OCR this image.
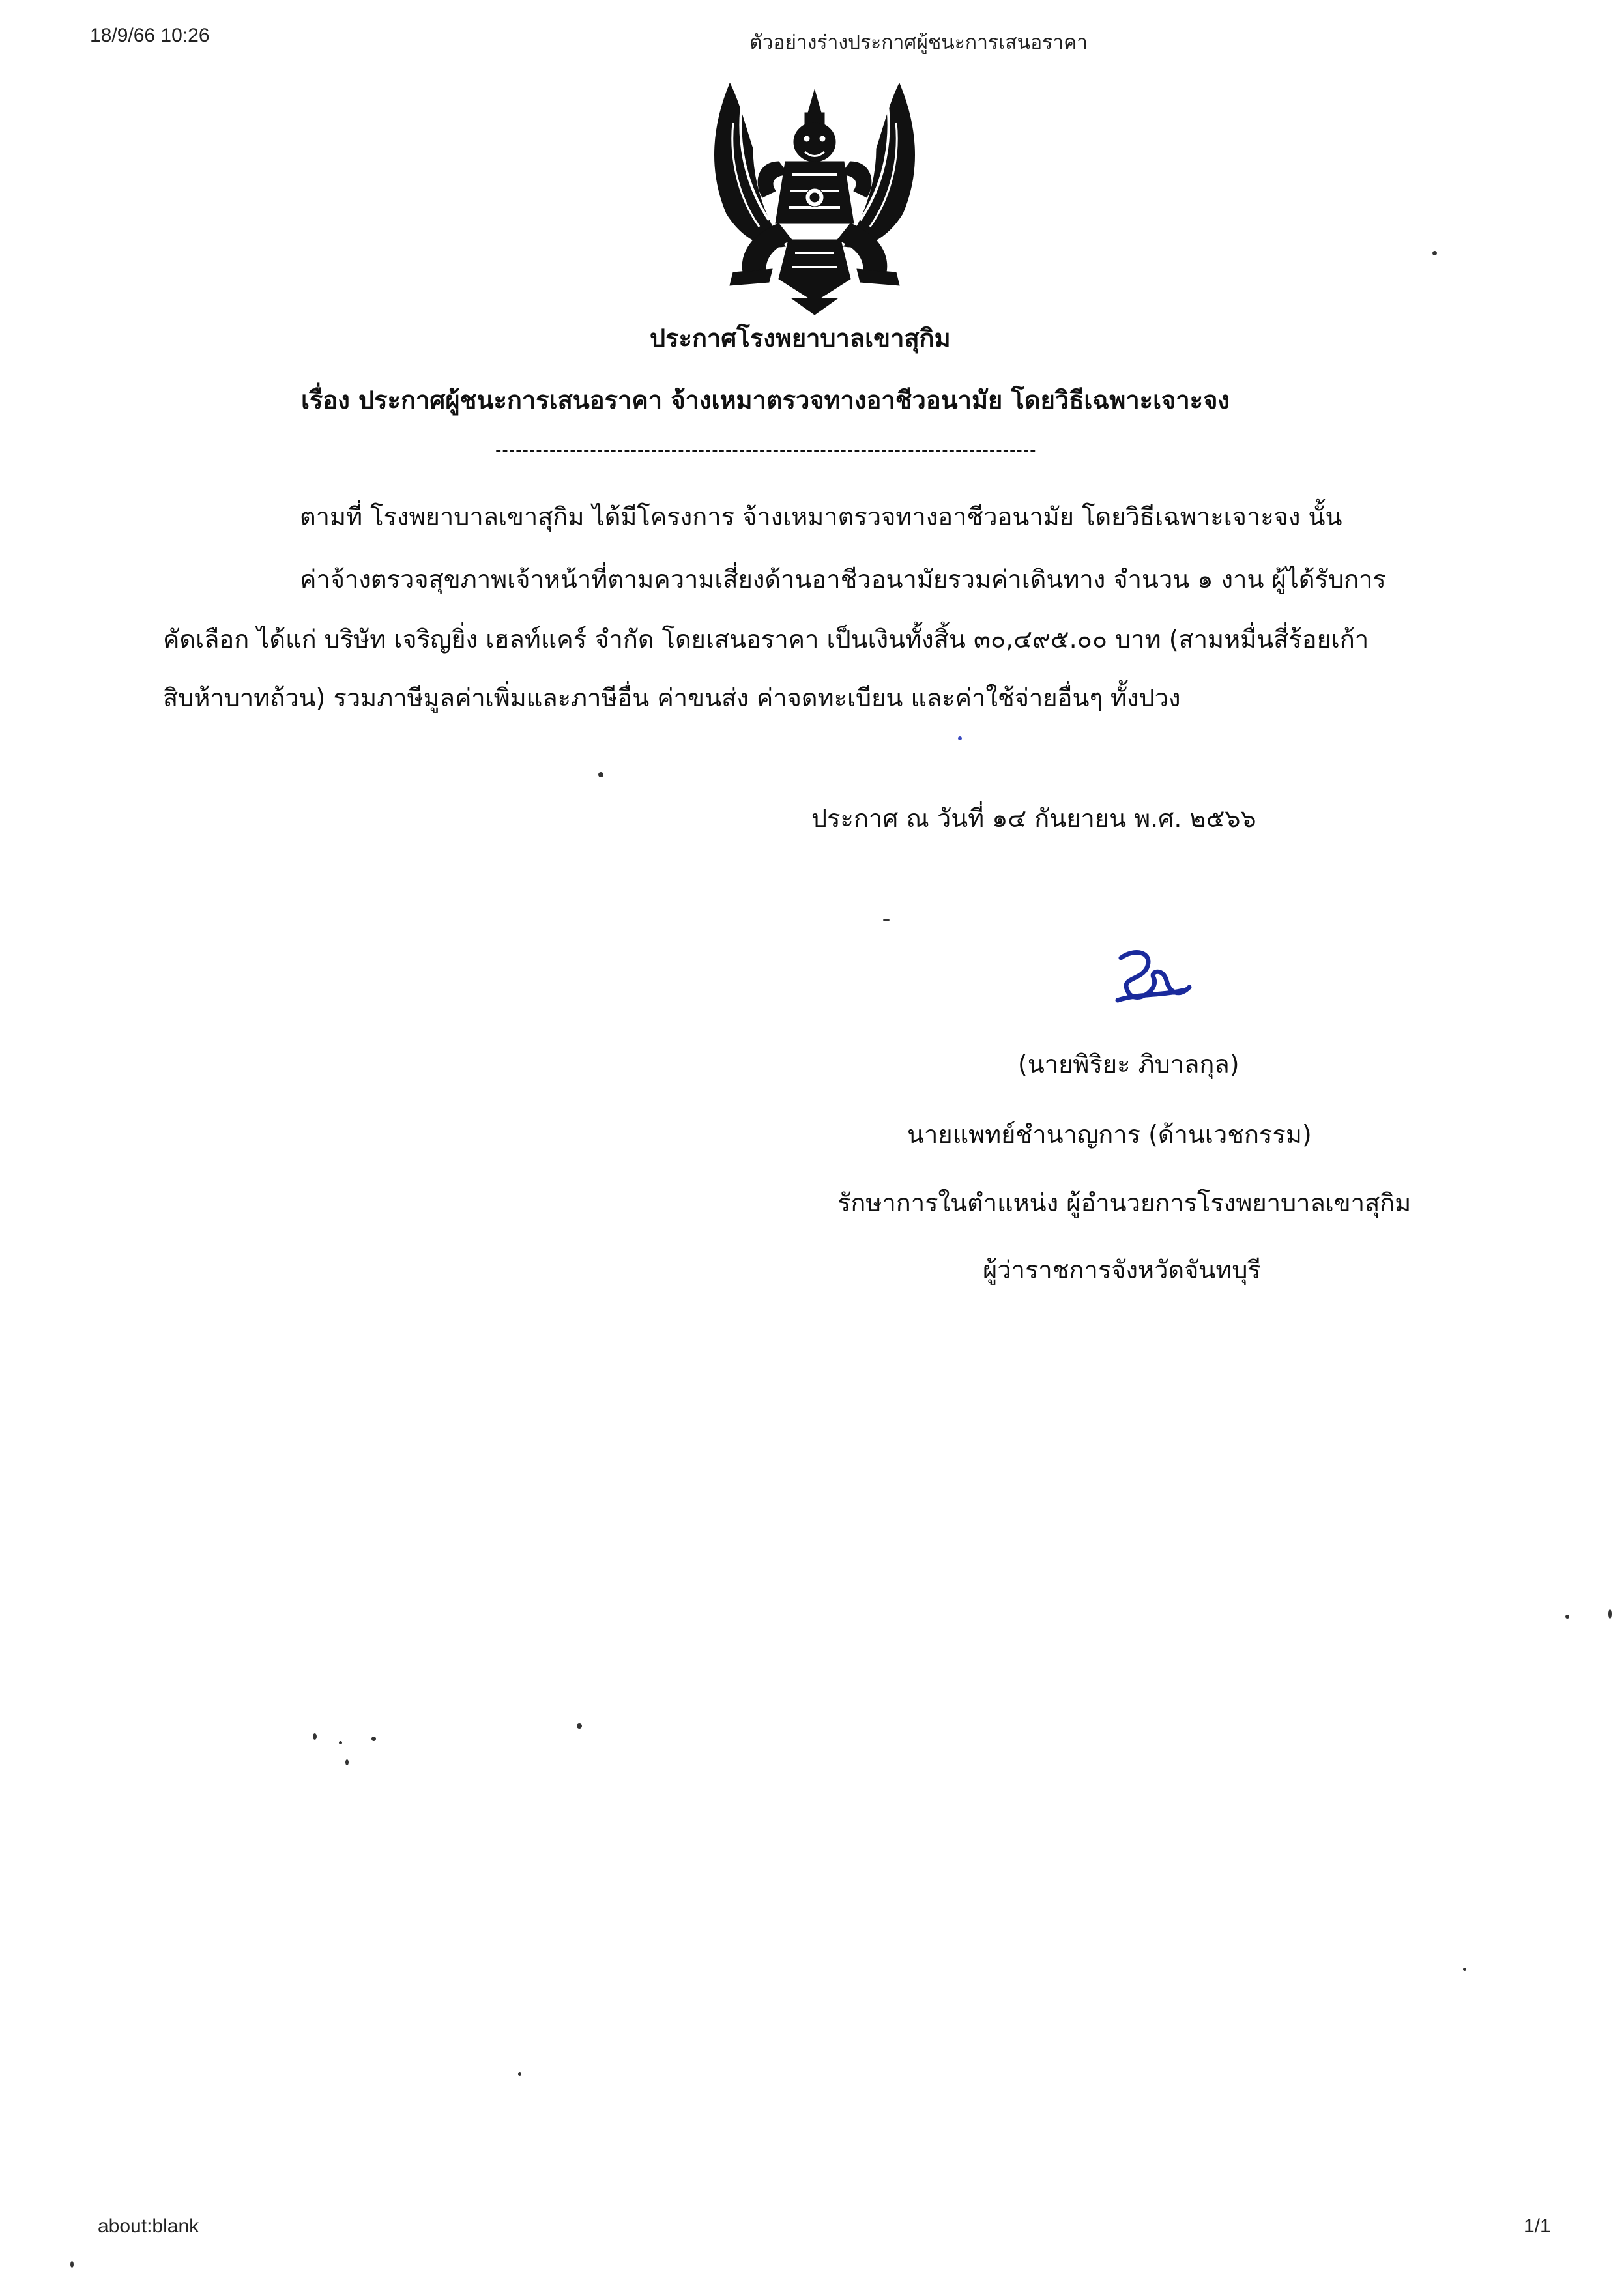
18/9/66 10:26	ตัวอย่างร่างประกาศผู้ชนะการเสนอราคา
ประกาศโรงพยาบาลเขาสุกิม
เรื่อง ประกาศผู้ชนะการเสนอราคา จ้างเหมาตรวจทางอาชีวอนามัย โดยวิธีเฉพาะเจาะจง
--------------------------------------------------------------------------------
ตามที่ โรงพยาบาลเขาสุกิม ได้มีโครงการ จ้างเหมาตรวจทางอาชีวอนามัย โดยวิธีเฉพาะเจาะจง นั้น
ค่าจ้างตรวจสุขภาพเจ้าหน้าที่ตามความเสี่ยงด้านอาชีวอนามัยรวมค่าเดินทาง จำนวน ๑ งาน ผู้ได้รับการ
คัดเลือก ได้แก่ บริษัท เจริญยิ่ง เฮลท์แคร์ จำกัด โดยเสนอราคา เป็นเงินทั้งสิ้น ๓๐,๔๙๕.๐๐ บาท (สามหมื่นสี่ร้อยเก้า
สิบห้าบาทถ้วน) รวมภาษีมูลค่าเพิ่มและภาษีอื่น ค่าขนส่ง ค่าจดทะเบียน และค่าใช้จ่ายอื่นๆ ทั้งปวง
ประกาศ ณ วันที่ ๑๔ กันยายน พ.ศ. ๒๕๖๖
(นายพิริยะ ภิบาลกุล)
นายแพทย์ชำนาญการ (ด้านเวชกรรม)
รักษาการในตำแหน่ง ผู้อำนวยการโรงพยาบาลเขาสุกิม
ผู้ว่าราชการจังหวัดจันทบุรี
about:blank	1/1
